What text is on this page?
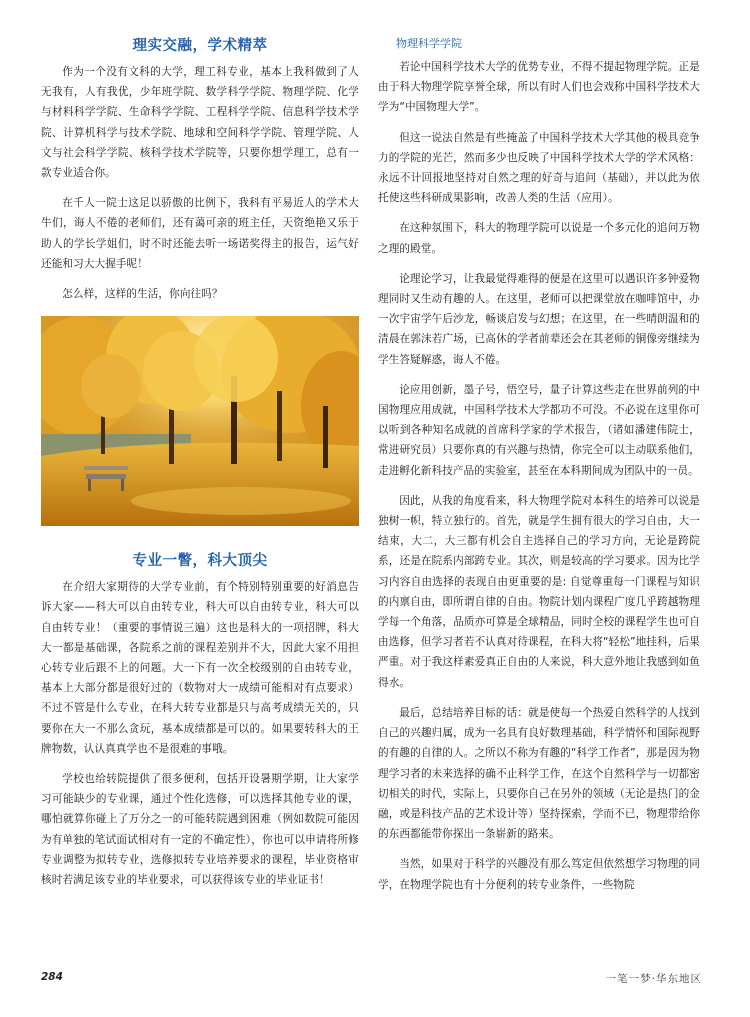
理实交融，学术精萃

作为一个没有文科的大学，理工科专业，基本上我科做到了人无我有，人有我优，少年班学院、数学科学学院、物理学院、化学与材料科学学院、生命科学学院、工程科学学院、信息科学技术学院、计算机科学与技术学院、地球和空间科学学院、管理学院、人文与社会科学学院、核科学技术学院等，只要你想学理工，总有一款专业适合你。

在千人一院士这足以骄傲的比例下，我科有平易近人的学术大牛们，诲人不倦的老师们，还有蔼可亲的班主任，天资绝艳又乐于助人的学长学姐们，时不时还能去听一场诺奖得主的报告，运气好还能和习大大握手呢！

怎么样，这样的生活，你向往吗？

专业一瞥，科大顶尖

在介绍大家期待的大学专业前，有个特别特别重要的好消息告诉大家——科大可以自由转专业，科大可以自由转专业，科大可以自由转专业！（重要的事情说三遍）这也是科大的一项招牌，科大大一都是基础课，各院系之前的课程差别并不大，因此大家不用担心转专业后跟不上的问题。大一下有一次全校级别的自由转专业，基本上大部分都是很好过的（数物对大一成绩可能相对有点要求）不过不管是什么专业，在科大转专业都是只与高考成绩无关的，只要你在大一不那么贪玩，基本成绩都是可以的。如果要转科大的王牌物数，认认真真学也不是很难的事哦。

学校也给转院提供了很多便利，包括开设暑期学期，让大家学习可能缺少的专业课，通过个性化选修，可以选择其他专业的课，哪怕就算你碰上了万分之一的可能转院遇到困难（例如数院可能因为有单独的笔试面试相对有一定的不确定性），你也可以申请将所修专业调整为拟转专业，选修拟转专业培养要求的课程，毕业资格审核时若满足该专业的毕业要求，可以获得该专业的毕业证书！

物理科学学院

若论中国科学技术大学的优势专业，不得不提起物理学院。正是由于科大物理学院享誉全球，所以有时人们也会戏称中国科学技术大学为“中国物理大学”。

但这一说法自然是有些掩盖了中国科学技术大学其他的极具竞争力的学院的光芒，然而多少也反映了中国科学技术大学的学术风格：永远不计回报地坚持对自然之理的好奇与追问（基础），并以此为依托使这些科研成果影响，改善人类的生活（应用）。

在这种氛围下，科大的物理学院可以说是一个多元化的追问万物之理的殿堂。

论理论学习，让我最觉得难得的便是在这里可以遇识许多钟爱物理同时又生动有趣的人。在这里，老师可以把课堂放在咖啡馆中，办一次宇宙学午后沙龙，畅谈启发与幻想；在这里，在一些晴朗温和的清晨在郭沫若广场，已高休的学者前辈还会在其老师的铜像旁继续为学生答疑解惑，诲人不倦。

论应用创新，墨子号，悟空号，量子计算这些走在世界前列的中国物理应用成就，中国科学技术大学都功不可没。不必说在这里你可以听到各种知名成就的首席科学家的学术报告，（诸如潘建伟院士，常进研究员）只要你真的有兴趣与热情，你完全可以主动联系他们，走进孵化新科技产品的实验室，甚至在本科期间成为团队中的一员。

因此，从我的角度看来，科大物理学院对本科生的培养可以说是独树一帜，特立独行的。首先，就是学生拥有很大的学习自由，大一结束，大二，大三都有机会自主选择自己的学习方向，无论是跨院系，还是在院系内部跨专业。其次，则是较高的学习要求。因为比学习内容自由选择的表现自由更重要的是: 自觉尊重每一门课程与知识的内禀自由，即所谓自律的自由。物院计划内课程广度几乎跨越物理学每一个角落，品质亦可算是全球精品，同时全校的课程学生也可自由选修，但学习者若不认真对待课程，在科大将“轻松”地挂科，后果严重。对于我这样素爱真正自由的人来说，科大意外地让我感到如鱼得水。

最后，总结培养目标的话：就是使每一个热爱自然科学的人找到自己的兴趣归属，成为一名具有良好数理基础，科学情怀和国际视野的有趣的自律的人。之所以不称为有趣的“科学工作者”，那是因为物理学习者的未来选择的确不止科学工作，在这个自然科学与一切都密切相关的时代，实际上，只要你自己在另外的领域（无论是热门的金融，或是科技产品的艺术设计等）坚持探索，学而不已，物理带给你的东西都能带你探出一条崭新的路来。

当然，如果对于科学的兴趣没有那么笃定但依然想学习物理的同学，在物理学院也有十分便利的转专业条件，一些物院

284	一笔一梦·华东地区
